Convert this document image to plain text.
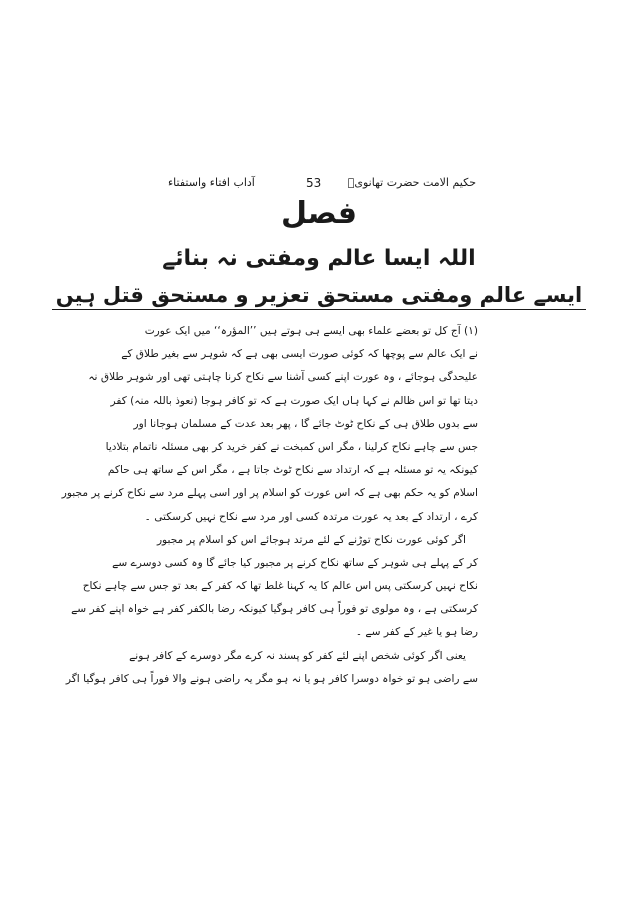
حکیم الامت حضرت تھانویؒ
53
آداب افتاء واستفتاء
فصل
اللہ ایسا عالم ومفتی نہ بنائے
ایسے عالم ومفتی مستحق تعزیر و مستحق قتل ہیں
(۱) آج کل تو بعضے علماء بھی ایسے ہی ہوتے ہیں ’’المؤرہ‘‘ میں ایک عورت
نے ایک عالم سے پوچھا کہ کوئی صورت ایسی بھی ہے کہ شوہر سے بغیر طلاق کے
علیحدگی ہوجائے ، وہ عورت اپنے کسی آشنا سے نکاح کرنا چاہتی تھی اور شوہر طلاق نہ
دیتا تھا تو اس ظالم نے کہا ہاں ایک صورت ہے کہ تو کافر ہوجا (نعوذ باللہ منہ) کفر
سے بدوں طلاق ہی کے نکاح ٹوٹ جائے گا ، پھر بعد عدت کے مسلمان ہوجانا اور
جس سے چاہے نکاح کرلینا ، مگر اس کمبخت نے کفر خرید کر بھی مسئلہ ناتمام بتلادیا
کیونکہ یہ تو مسئلہ ہے کہ ارتداد سے نکاح ٹوٹ جاتا ہے ، مگر اس کے ساتھ ہی حاکم
اسلام کو یہ حکم بھی ہے کہ اس عورت کو اسلام پر اور اسی پہلے مرد سے نکاح کرنے پر مجبور
کرے ، ارتداد کے بعد یہ عورت مرتدہ کسی اور مرد سے نکاح نہیں کرسکتی ۔
اگر کوئی عورت نکاح توڑنے کے لئے مرتد ہوجائے اس کو اسلام پر مجبور
کر کے پہلے ہی شوہر کے ساتھ نکاح کرنے پر مجبور کیا جائے گا وہ کسی دوسرے سے
نکاح نہیں کرسکتی پس اس عالم کا یہ کہنا غلط تھا کہ کفر کے بعد تو جس سے چاہے نکاح
کرسکتی ہے ، وہ مولوی تو فوراً ہی کافر ہوگیا کیونکہ رضا بالکفر کفر ہے خواہ اپنے کفر سے
رضا ہو یا غیر کے کفر سے ۔
یعنی اگر کوئی شخص اپنے لئے کفر کو پسند نہ کرے مگر دوسرے کے کافر ہونے
سے راضی ہو تو خواہ دوسرا کافر ہو یا نہ ہو مگر یہ راضی ہونے والا فوراً ہی کافر ہوگیا اگر
